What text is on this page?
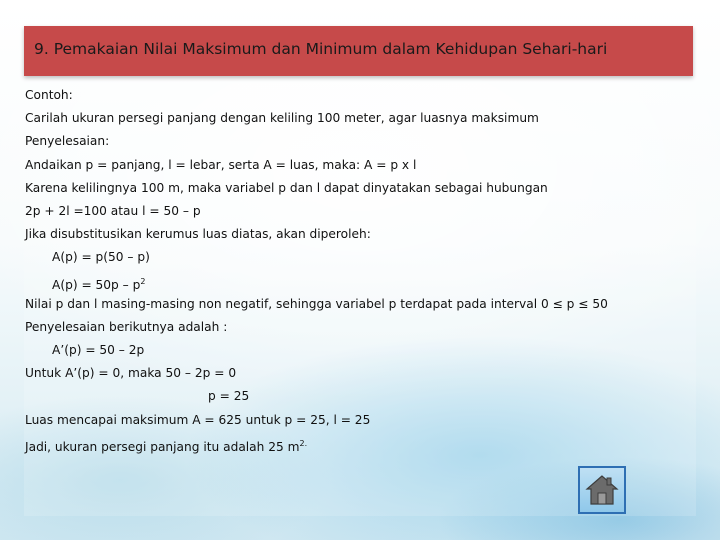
9. Pemakaian Nilai Maksimum dan Minimum dalam Kehidupan Sehari-hari
Contoh:
Carilah ukuran persegi panjang dengan keliling 100 meter, agar luasnya maksimum
Penyelesaian:
Andaikan p = panjang, l = lebar, serta A = luas, maka: A = p x l
Karena kelilingnya 100 m, maka variabel p dan l dapat dinyatakan sebagai hubungan
2p + 2l =100 atau l = 50 – p
Jika disubstitusikan kerumus luas diatas, akan diperoleh:
A(p) = p(50 – p)
$A(p) = 50p - p^2$
Nilai p dan l masing-masing non negatif, sehingga variabel p terdapat pada interval 0 ≤ p ≤ 50
Penyelesaian berikutnya adalah :
A’(p) = 50 – 2p
Untuk A’(p) = 0, maka 50 – 2p = 0
p = 25
Luas mencapai maksimum A = 625 untuk p = 25, l = 25
Jadi, ukuran persegi panjang itu adalah 25 $m^{2.}$
